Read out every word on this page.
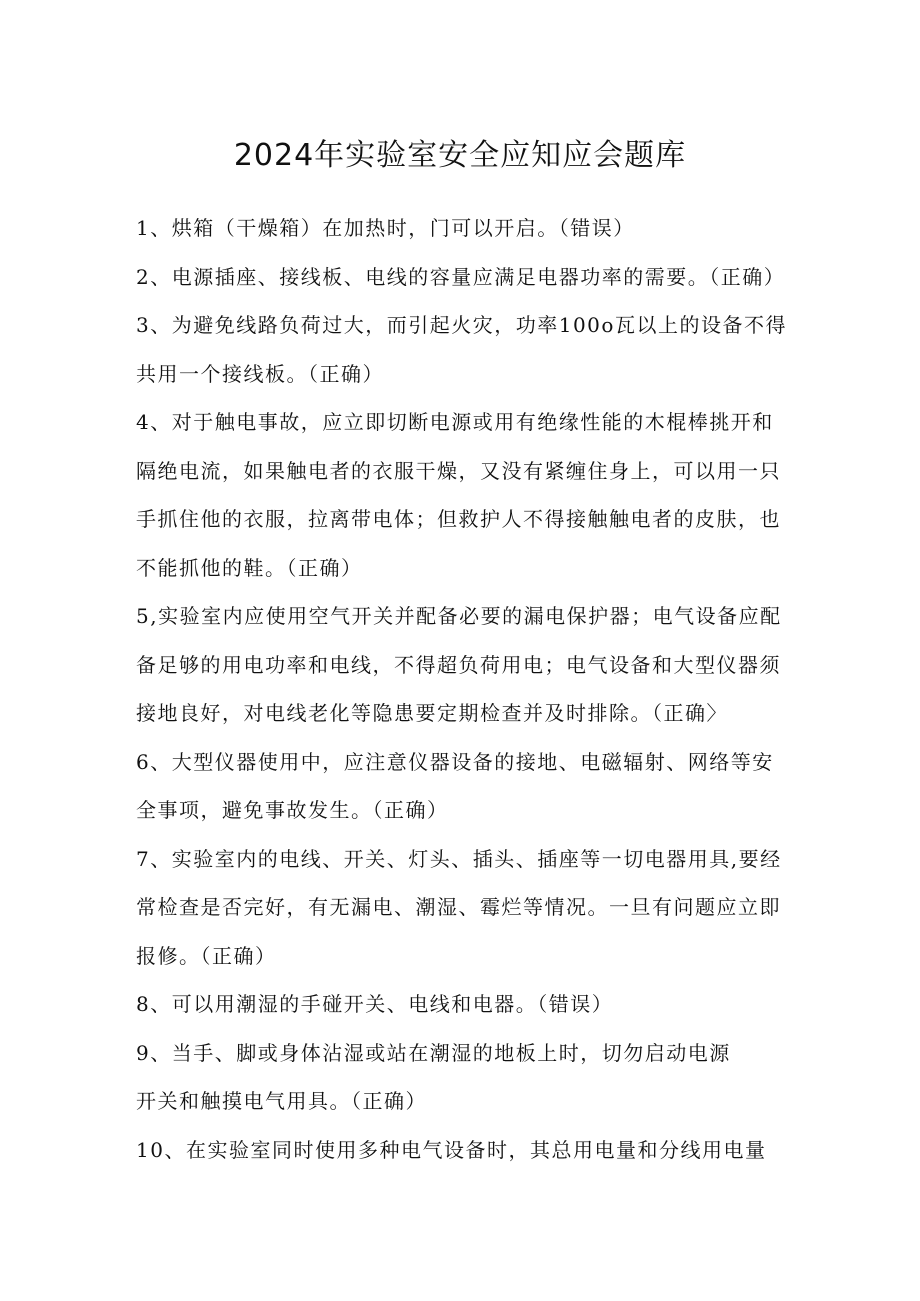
2024年实验室安全应知应会题库
1、烘箱（干燥箱）在加热时，门可以开启。（错误）
2、电源插座、接线板、电线的容量应满足电器功率的需要。（正确）
3、为避免线路负荷过大，而引起火灾，功率100o瓦以上的设备不得
共用一个接线板。（正确）
4、对于触电事故，应立即切断电源或用有绝缘性能的木棍棒挑开和
隔绝电流，如果触电者的衣服干燥，又没有紧缠住身上，可以用一只
手抓住他的衣服，拉离带电体；但救护人不得接触触电者的皮肤，也
不能抓他的鞋。（正确）
5,实验室内应使用空气开关并配备必要的漏电保护器；电气设备应配
备足够的用电功率和电线，不得超负荷用电；电气设备和大型仪器须
接地良好，对电线老化等隐患要定期检查并及时排除。（正确〉
6、大型仪器使用中，应注意仪器设备的接地、电磁辐射、网络等安
全事项，避免事故发生。（正确）
7、实验室内的电线、开关、灯头、插头、插座等一切电器用具,要经
常检查是否完好，有无漏电、潮湿、霉烂等情况。一旦有问题应立即
报修。（正确）
8、可以用潮湿的手碰开关、电线和电器。（错误）
9、当手、脚或身体沾湿或站在潮湿的地板上时，切勿启动电源
开关和触摸电气用具。（正确）
10、在实验室同时使用多种电气设备时，其总用电量和分线用电量
